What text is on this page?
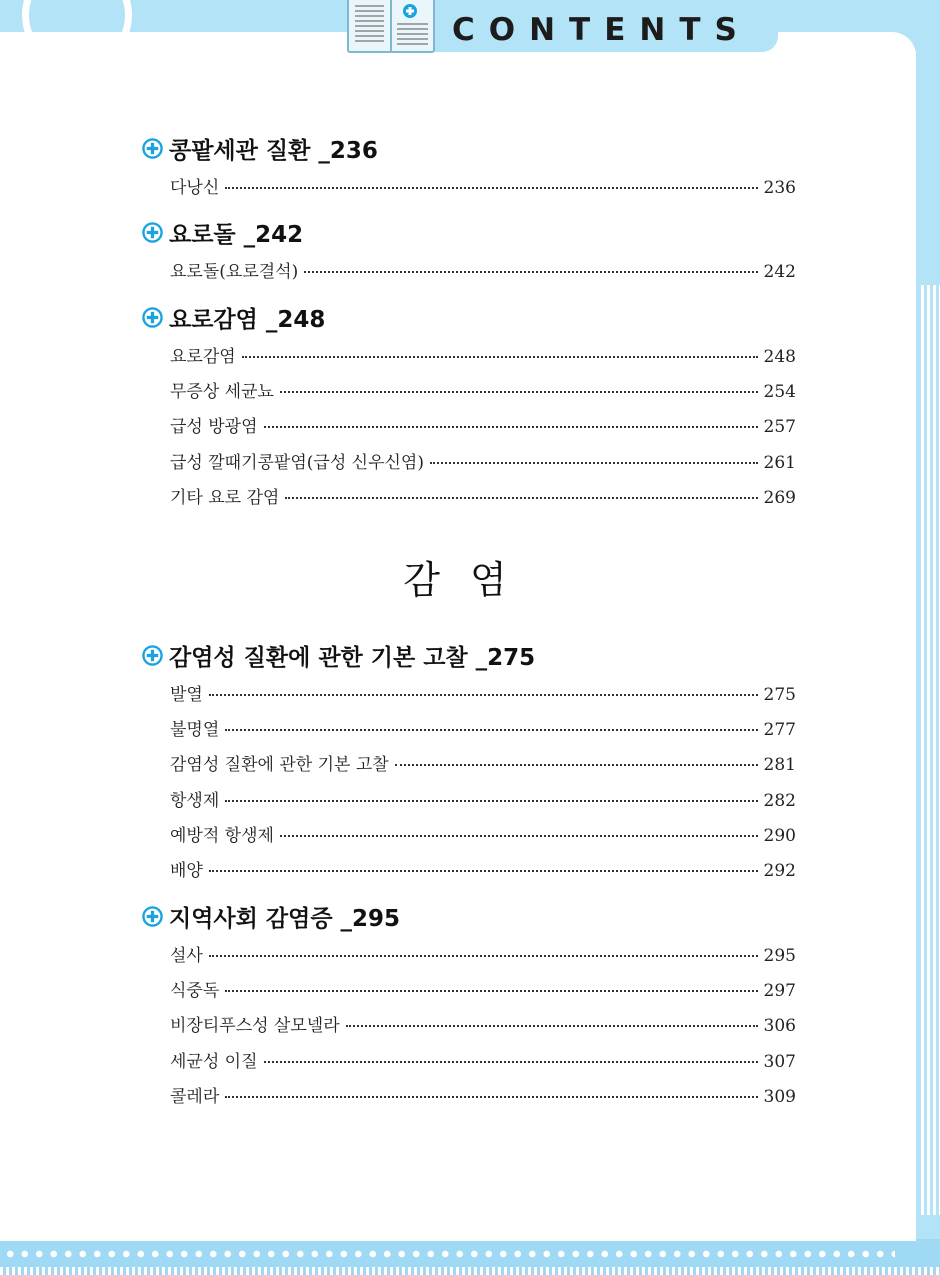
CONTENTS
콩팥세관 질환 _236
다낭신	236
요로돌 _242
요로돌(요로결석)	242
요로감염 _248
요로감염	248
무증상 세균뇨	254
급성 방광염	257
급성 깔때기콩팥염(급성 신우신염)	261
기타 요로 감염	269
감염
감염성 질환에 관한 기본 고찰 _275
발열	275
불명열	277
감염성 질환에 관한 기본 고찰	281
항생제	282
예방적 항생제	290
배양	292
지역사회 감염증 _295
설사	295
식중독	297
비장티푸스성 살모넬라	306
세균성 이질	307
콜레라	309
